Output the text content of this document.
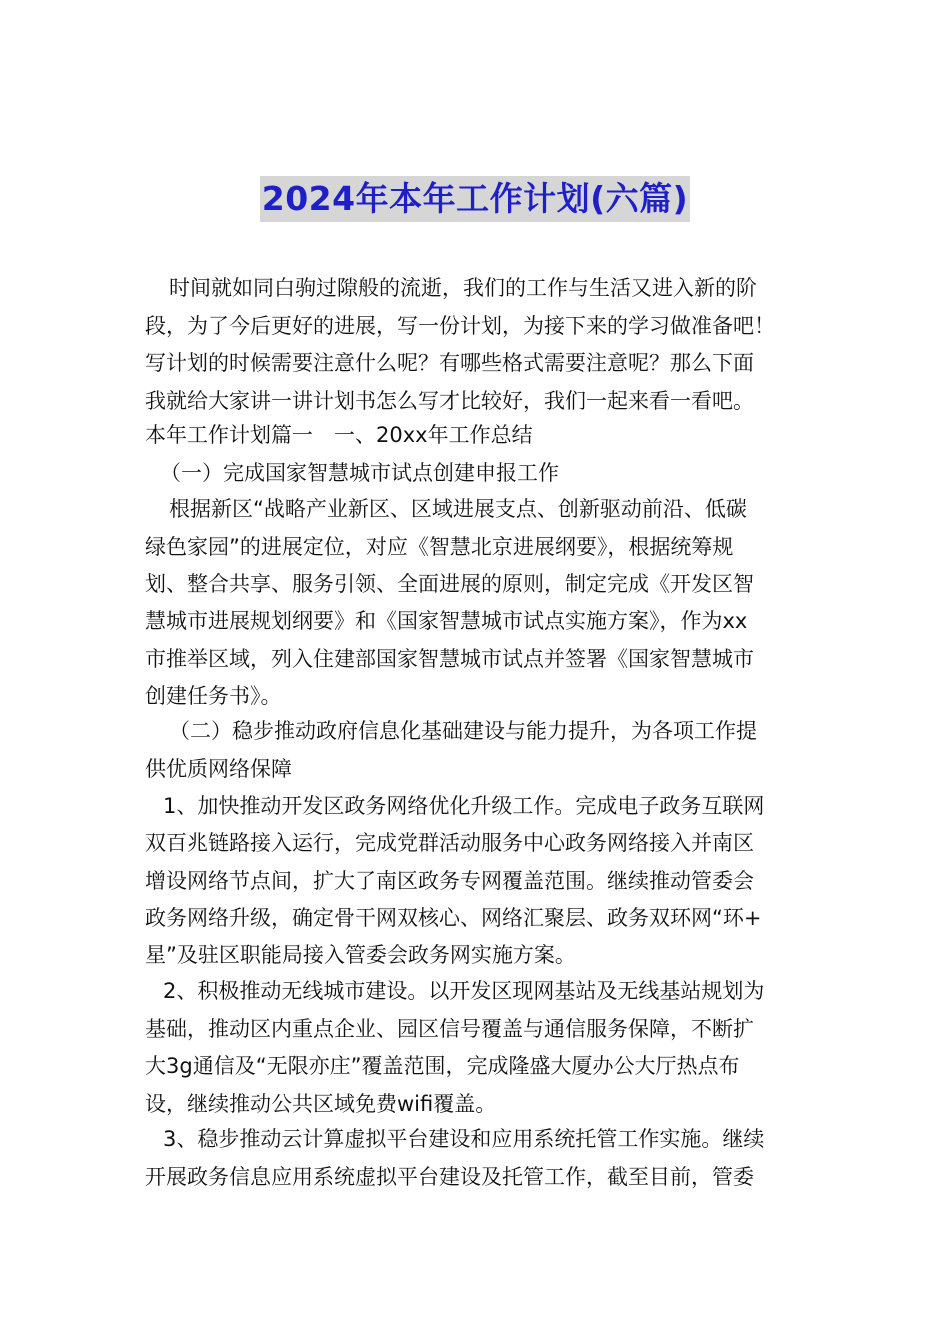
2024年本年工作计划(六篇)

时间就如同白驹过隙般的流逝，我们的工作与生活又进入新的阶

段，为了今后更好的进展，写一份计划，为接下来的学习做准备吧！

写计划的时候需要注意什么呢？有哪些格式需要注意呢？那么下面

我就给大家讲一讲计划书怎么写才比较好，我们一起来看一看吧。

本年工作计划篇一　一、20xx年工作总结

（一）完成国家智慧城市试点创建申报工作

根据新区“战略产业新区、区域进展支点、创新驱动前沿、低碳

绿色家园”的进展定位，对应《智慧北京进展纲要》，根据统筹规

划、整合共享、服务引领、全面进展的原则，制定完成《开发区智

慧城市进展规划纲要》和《国家智慧城市试点实施方案》，作为xx

市推举区域，列入住建部国家智慧城市试点并签署《国家智慧城市

创建任务书》。

（二）稳步推动政府信息化基础建设与能力提升，为各项工作提

供优质网络保障

1、加快推动开发区政务网络优化升级工作。完成电子政务互联网

双百兆链路接入运行，完成党群活动服务中心政务网络接入并南区

增设网络节点间，扩大了南区政务专网覆盖范围。继续推动管委会

政务网络升级，确定骨干网双核心、网络汇聚层、政务双环网“环+

星”及驻区职能局接入管委会政务网实施方案。

2、积极推动无线城市建设。以开发区现网基站及无线基站规划为

基础，推动区内重点企业、园区信号覆盖与通信服务保障，不断扩

大3g通信及“无限亦庄”覆盖范围，完成隆盛大厦办公大厅热点布

设，继续推动公共区域免费wifi覆盖。

3、稳步推动云计算虚拟平台建设和应用系统托管工作实施。继续

开展政务信息应用系统虚拟平台建设及托管工作，截至目前，管委
